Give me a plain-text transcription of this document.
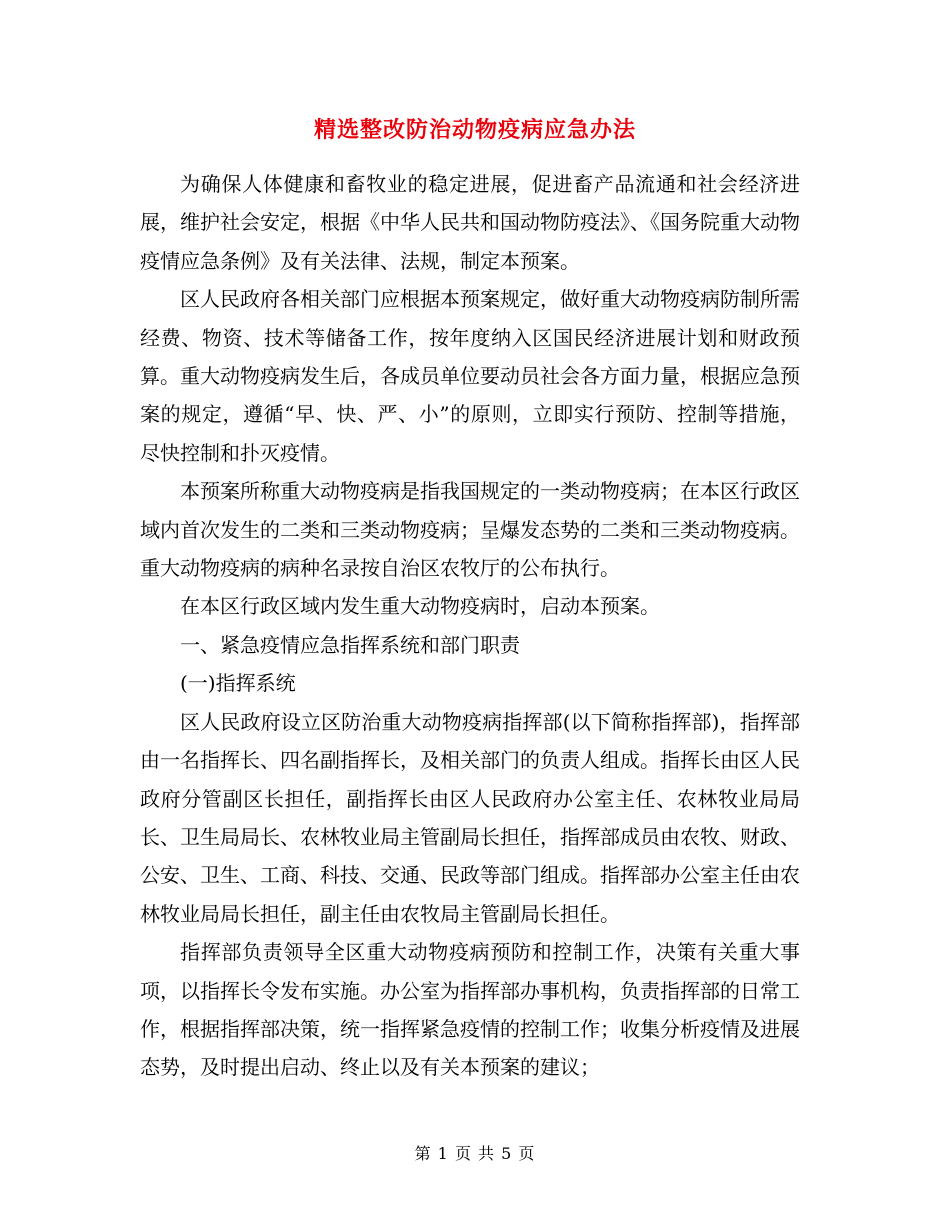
精选整改防治动物疫病应急办法

为确保人体健康和畜牧业的稳定进展，促进畜产品流通和社会经济进展，维护社会安定，根据《中华人民共和国动物防疫法》、《国务院重大动物疫情应急条例》及有关法律、法规，制定本预案。

区人民政府各相关部门应根据本预案规定，做好重大动物疫病防制所需经费、物资、技术等储备工作，按年度纳入区国民经济进展计划和财政预算。重大动物疫病发生后，各成员单位要动员社会各方面力量，根据应急预案的规定，遵循“早、快、严、小”的原则，立即实行预防、控制等措施，尽快控制和扑灭疫情。

本预案所称重大动物疫病是指我国规定的一类动物疫病；在本区行政区域内首次发生的二类和三类动物疫病；呈爆发态势的二类和三类动物疫病。重大动物疫病的病种名录按自治区农牧厅的公布执行。

在本区行政区域内发生重大动物疫病时，启动本预案。

一、紧急疫情应急指挥系统和部门职责

(一)指挥系统

区人民政府设立区防治重大动物疫病指挥部(以下简称指挥部)，指挥部由一名指挥长、四名副指挥长，及相关部门的负责人组成。指挥长由区人民政府分管副区长担任，副指挥长由区人民政府办公室主任、农林牧业局局长、卫生局局长、农林牧业局主管副局长担任，指挥部成员由农牧、财政、公安、卫生、工商、科技、交通、民政等部门组成。指挥部办公室主任由农林牧业局局长担任，副主任由农牧局主管副局长担任。

指挥部负责领导全区重大动物疫病预防和控制工作，决策有关重大事项，以指挥长令发布实施。办公室为指挥部办事机构，负责指挥部的日常工作，根据指挥部决策，统一指挥紧急疫情的控制工作；收集分析疫情及进展态势，及时提出启动、终止以及有关本预案的建议；

第 1 页 共 5 页
